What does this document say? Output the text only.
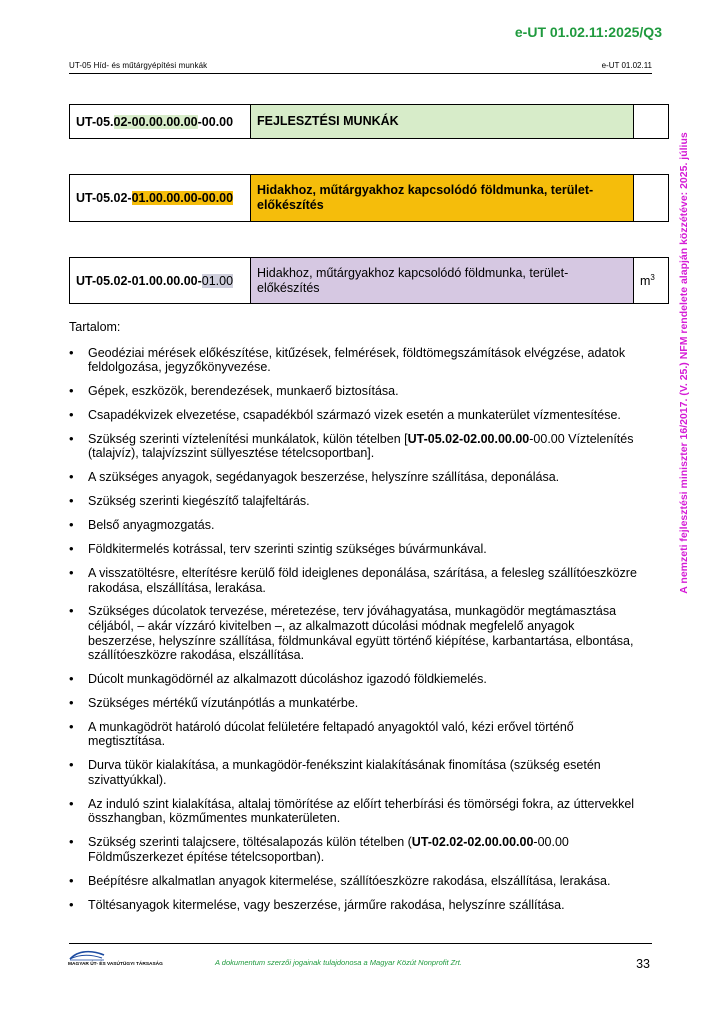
e-UT 01.02.11:2025/Q3
UT-05 Híd- és műtárgyépítési munkák	e-UT 01.02.11
A nemzeti fejlesztési miniszter 16/2017. (V. 25.) NFM rendelete alapján közzétéve: 2025. július
UT-05.02-00.00.00.00-00.00	FEJLESZTÉSI MUNKÁK	
UT-05.02-01.00.00.00-00.00	Hidakhoz, műtárgyakhoz kapcsolódó földmunka, terület-előkészítés	
UT-05.02-01.00.00.00-01.00	Hidakhoz, műtárgyakhoz kapcsolódó földmunka, terület-előkészítés	$m^3$

Tartalom:

• Geodéziai mérések előkészítése, kitűzések, felmérések, földtömegszámítások elvégzése, adatok feldolgozása, jegyzőkönyvezése.
• Gépek, eszközök, berendezések, munkaerő biztosítása.
• Csapadékvizek elvezetése, csapadékból származó vizek esetén a munkaterület vízmentesítése.
• Szükség szerinti víztelenítési munkálatok, külön tételben [UT-05.02-02.00.00.00-00.00 Víztelenítés (talajvíz), talajvízszint süllyesztése tételcsoportban].
• A szükséges anyagok, segédanyagok beszerzése, helyszínre szállítása, deponálása.
• Szükség szerinti kiegészítő talajfeltárás.
• Belső anyagmozgatás.
• Földkitermelés kotrással, terv szerinti szintig szükséges búvármunkával.
• A visszatöltésre, elterítésre kerülő föld ideiglenes deponálása, szárítása, a felesleg szállítóeszközre rakodása, elszállítása, lerakása.
• Szükséges dúcolatok tervezése, méretezése, terv jóváhagyatása, munkagödör megtámasztása céljából, – akár vízzáró kivitelben –, az alkalmazott dúcolási módnak megfelelő anyagok beszerzése, helyszínre szállítása, földmunkával együtt történő kiépítése, karbantartása, elbontása, szállítóeszközre rakodása, elszállítása.
• Dúcolt munkagödörnél az alkalmazott dúcoláshoz igazodó földkiemelés.
• Szükséges mértékű vízutánpótlás a munkatérbe.
• A munkagödröt határoló dúcolat felületére feltapadó anyagoktól való, kézi erővel történő megtisztítása.
• Durva tükör kialakítása, a munkagödör-fenékszint kialakításának finomítása (szükség esetén szivattyúkkal).
• Az induló szint kialakítása, altalaj tömörítése az előírt teherbírási és tömörségi fokra, az úttervekkel összhangban, közműmentes munkaterületen.
• Szükség szerinti talajcsere, töltésalapozás külön tételben (UT-02.02-02.00.00.00-00.00 Földműszerkezet építése tételcsoportban).
• Beépítésre alkalmatlan anyagok kitermelése, szállítóeszközre rakodása, elszállítása, lerakása.
• Töltésanyagok kitermelése, vagy beszerzése, járműre rakodása, helyszínre szállítása.
MAGYAR ÚT- ÉS VASÚTÜGYI TÁRSASÁG	A dokumentum szerzői jogainak tulajdonosa a Magyar Közút Nonprofit Zrt.	33
